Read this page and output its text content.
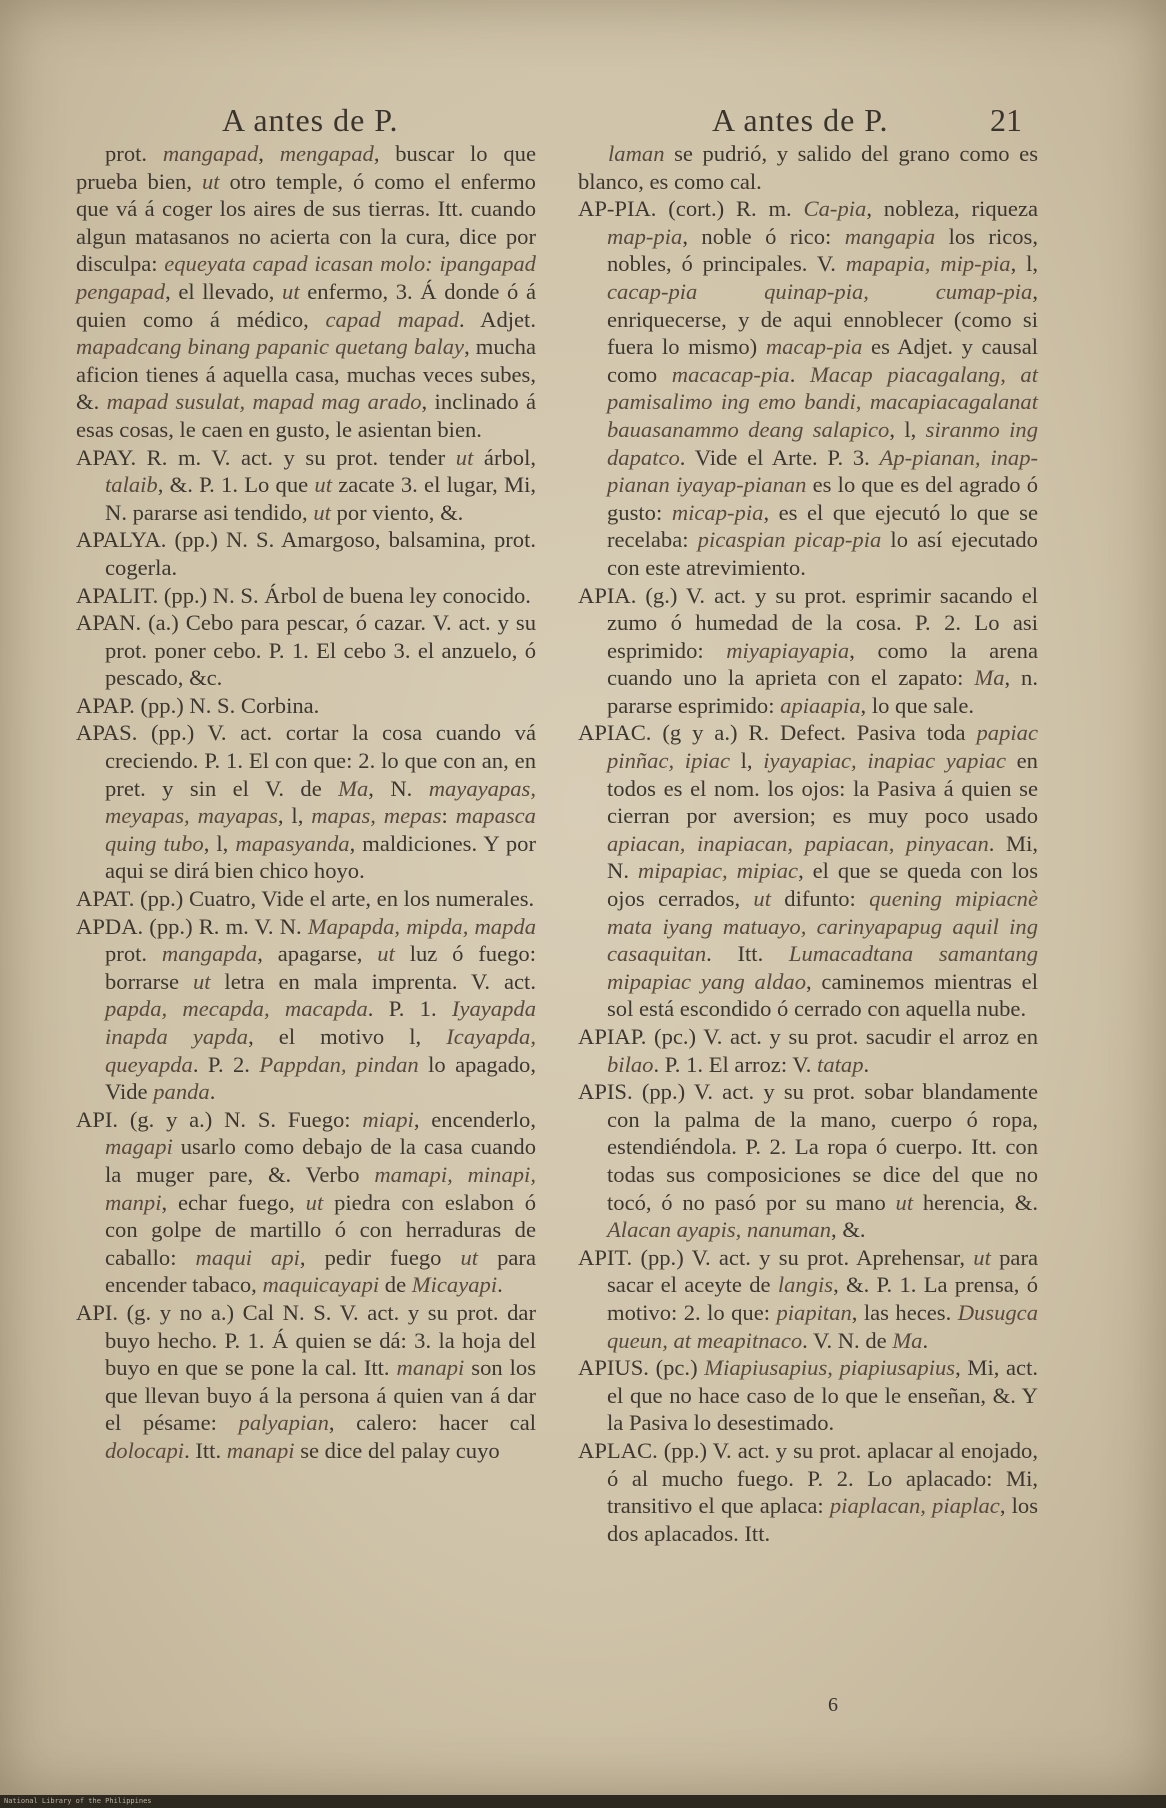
A antes de P.	A antes de P.	21

prot. mangapad, mengapad, buscar lo que prueba bien, ut otro temple, ó como el enfermo que vá á coger los aires de sus tierras. Itt. cuando algun matasanos no acierta con la cura, dice por disculpa: equeyata capad icasan molo: ipangapad pengapad, el llevado, ut enfermo, 3. Á donde ó á quien como á médico, capad mapad. Adjet. mapadcang binang papanic quetang balay, mucha aficion tienes á aquella casa, muchas veces subes, &. mapad susulat, mapad mag arado, inclinado á esas cosas, le caen en gusto, le asientan bien.

APAY. R. m. V. act. y su prot. tender ut árbol, talaib, &. P. 1. Lo que ut zacate 3. el lugar, Mi, N. pararse asi tendido, ut por viento, &.

APALYA. (pp.) N. S. Amargoso, balsamina, prot. cogerla.

APALIT. (pp.) N. S. Árbol de buena ley conocido.

APAN. (a.) Cebo para pescar, ó cazar. V. act. y su prot. poner cebo. P. 1. El cebo 3. el anzuelo, ó pescado, &c.

APAP. (pp.) N. S. Corbina.

APAS. (pp.) V. act. cortar la cosa cuando vá creciendo. P. 1. El con que: 2. lo que con an, en pret. y sin el V. de Ma, N. mayayapas, meyapas, mayapas, l, mapas, mepas: mapasca quing tubo, l, mapasyanda, maldiciones. Y por aqui se dirá bien chico hoyo.

APAT. (pp.) Cuatro, Vide el arte, en los numerales.

APDA. (pp.) R. m. V. N. Mapapda, mipda, mapda prot. mangapda, apagarse, ut luz ó fuego: borrarse ut letra en mala imprenta. V. act. papda, mecapda, macapda. P. 1. Iyayapda inapda yapda, el motivo l, Icayapda, queyapda. P. 2. Pappdan, pindan lo apagado, Vide panda.

API. (g. y a.) N. S. Fuego: miapi, encenderlo, magapi usarlo como debajo de la casa cuando la muger pare, &. Verbo mamapi, minapi, manpi, echar fuego, ut piedra con eslabon ó con golpe de martillo ó con herraduras de caballo: maqui api, pedir fuego ut para encender tabaco, maquicayapi de Micayapi.

API. (g. y no a.) Cal N. S. V. act. y su prot. dar buyo hecho. P. 1. Á quien se dá: 3. la hoja del buyo en que se pone la cal. Itt. manapi son los que llevan buyo á la persona á quien van á dar el pésame: palyapian, calero: hacer cal dolocapi. Itt. manapi se dice del palay cuyo

laman se pudrió, y salido del grano como es blanco, es como cal.

AP-PIA. (cort.) R. m. Ca-pia, nobleza, riqueza map-pia, noble ó rico: mangapia los ricos, nobles, ó principales. V. mapapia, mip-pia, l, cacap-pia quinap-pia, cumap-pia, enriquecerse, y de aqui ennoblecer (como si fuera lo mismo) macap-pia es Adjet. y causal como macacap-pia. Macap piacagalang, at pamisalimo ing emo bandi, macapiacagalanat bauasanammo deang salapico, l, siranmo ing dapatco. Vide el Arte. P. 3. Ap-pianan, inap-pianan iyayap-pianan es lo que es del agrado ó gusto: micap-pia, es el que ejecutó lo que se recelaba: picaspian picap-pia lo así ejecutado con este atrevimiento.

APIA. (g.) V. act. y su prot. esprimir sacando el zumo ó humedad de la cosa. P. 2. Lo asi esprimido: miyapiayapia, como la arena cuando uno la aprieta con el zapato: Ma, n. pararse esprimido: apiaapia, lo que sale.

APIAC. (g y a.) R. Defect. Pasiva toda papiac pinñac, ipiac l, iyayapiac, inapiac yapiac en todos es el nom. los ojos: la Pasiva á quien se cierran por aversion; es muy poco usado apiacan, inapiacan, papiacan, pinyacan. Mi, N. mipapiac, mipiac, el que se queda con los ojos cerrados, ut difunto: quening mipiacnè mata iyang matuayo, carinyapapug aquil ing casaquitan. Itt. Lumacadtana samantang mipapiac yang aldao, caminemos mientras el sol está escondido ó cerrado con aquella nube.

APIAP. (pc.) V. act. y su prot. sacudir el arroz en bilao. P. 1. El arroz: V. tatap.

APIS. (pp.) V. act. y su prot. sobar blandamente con la palma de la mano, cuerpo ó ropa, estendiéndola. P. 2. La ropa ó cuerpo. Itt. con todas sus composiciones se dice del que no tocó, ó no pasó por su mano ut herencia, &. Alacan ayapis, nanuman, &.

APIT. (pp.) V. act. y su prot. Aprehensar, ut para sacar el aceyte de langis, &. P. 1. La prensa, ó motivo: 2. lo que: piapitan, las heces. Dusugca queun, at meapitnaco. V. N. de Ma.

APIUS. (pc.) Miapiusapius, piapiusapius, Mi, act. el que no hace caso de lo que le enseñan, &. Y la Pasiva lo desestimado.

APLAC. (pp.) V. act. y su prot. aplacar al enojado, ó al mucho fuego. P. 2. Lo aplacado: Mi, transitivo el que aplaca: piaplacan, piaplac, los dos aplacados. Itt.

6
National Library of the Philippines
